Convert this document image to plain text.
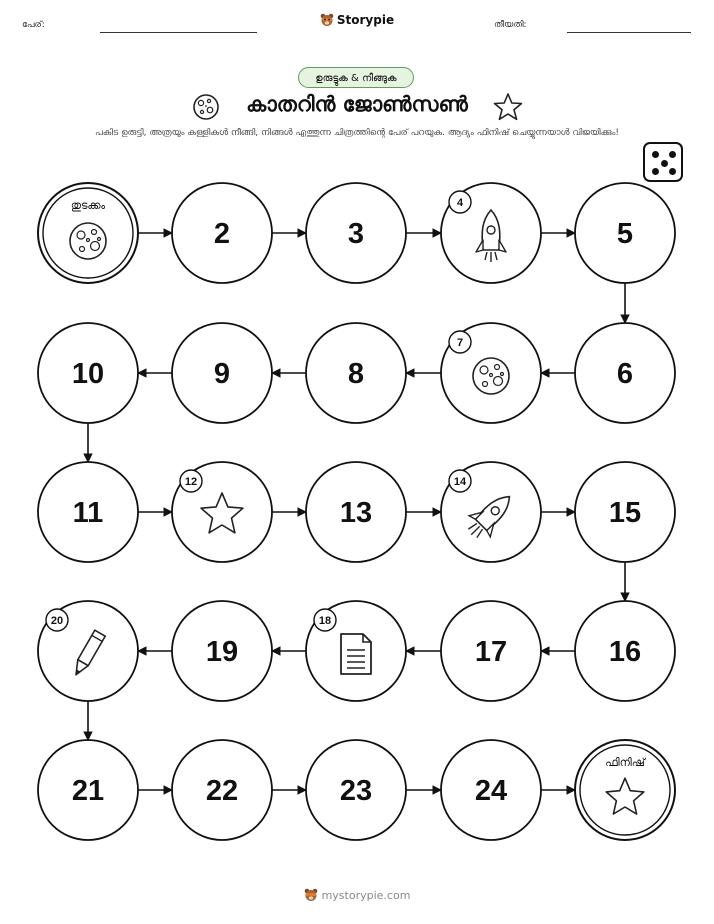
പേര്:	Storypie	തീയതി:
ഉരുട്ടുക & നീങ്ങുക
കാതറിൻ ജോൺസൺ
പകിട ഉരുട്ടി, അത്രയും കള്ളികൾ നീങ്ങി, നിങ്ങൾ എത്തുന്ന ചിത്രത്തിന്റെ പേര് പറയുക. ആദ്യം ഫിനിഷ് ചെയ്യുന്നയാൾ വിജയിക്കും!
തുടക്കം
2	3
4
5
10	9	8
7
6
11
12
13
14
15
20
19
18
17	16
21	22	23	24
ഫിനിഷ്
mystorypie.com
